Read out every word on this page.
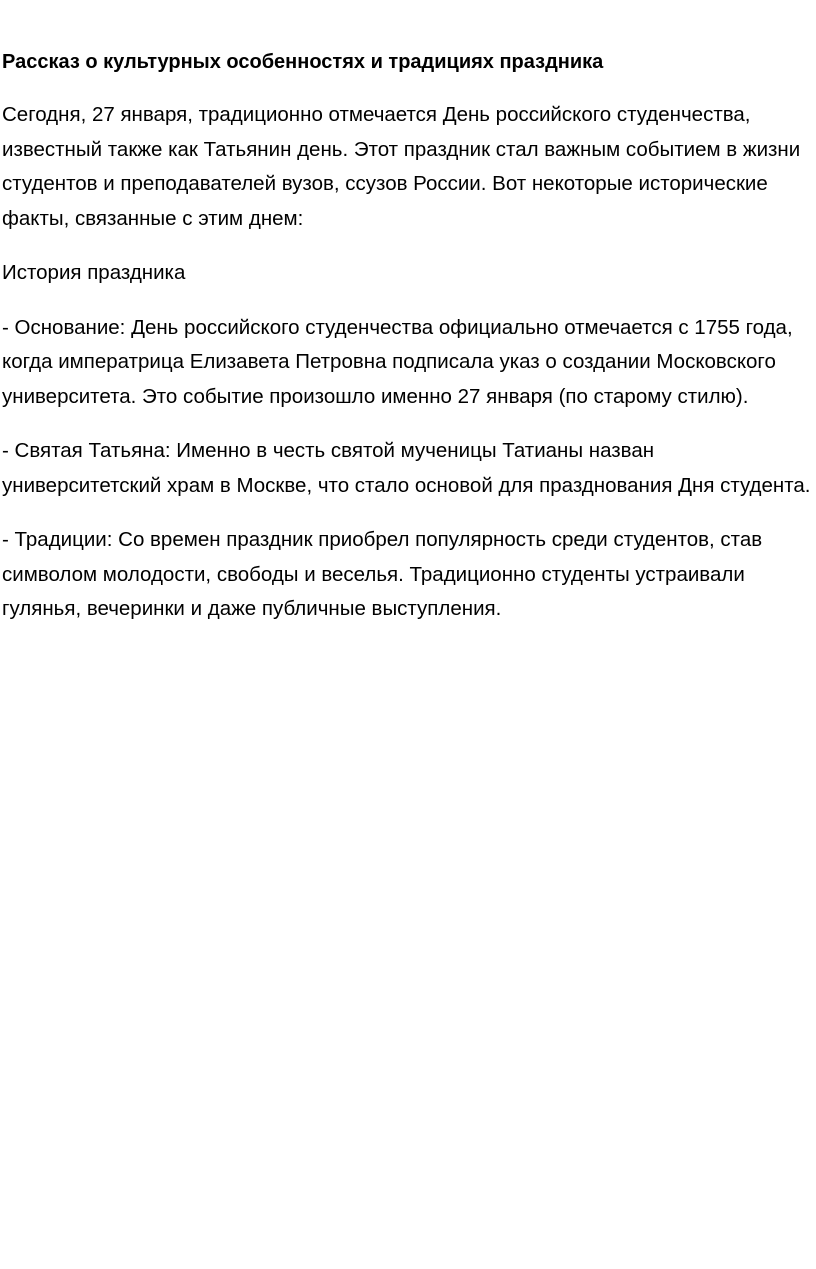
Рассказ о культурных особенностях и традициях праздника

Сегодня, 27 января, традиционно отмечается День российского студенчества, известный также как Татьянин день. Этот праздник стал важным событием в жизни студентов и преподавателей вузов, ссузов России. Вот некоторые исторические факты, связанные с этим днем:

История праздника

- Основание: День российского студенчества официально отмечается с 1755 года, когда императрица Елизавета Петровна подписала указ о создании Московского университета. Это событие произошло именно 27 января (по старому стилю).

- Святая Татьяна: Именно в честь святой мученицы Татианы назван университетский храм в Москве, что стало основой для празднования Дня студента.

- Традиции: Со времен праздник приобрел популярность среди студентов, став символом молодости, свободы и веселья. Традиционно студенты устраивали гулянья, вечеринки и даже публичные выступления.
